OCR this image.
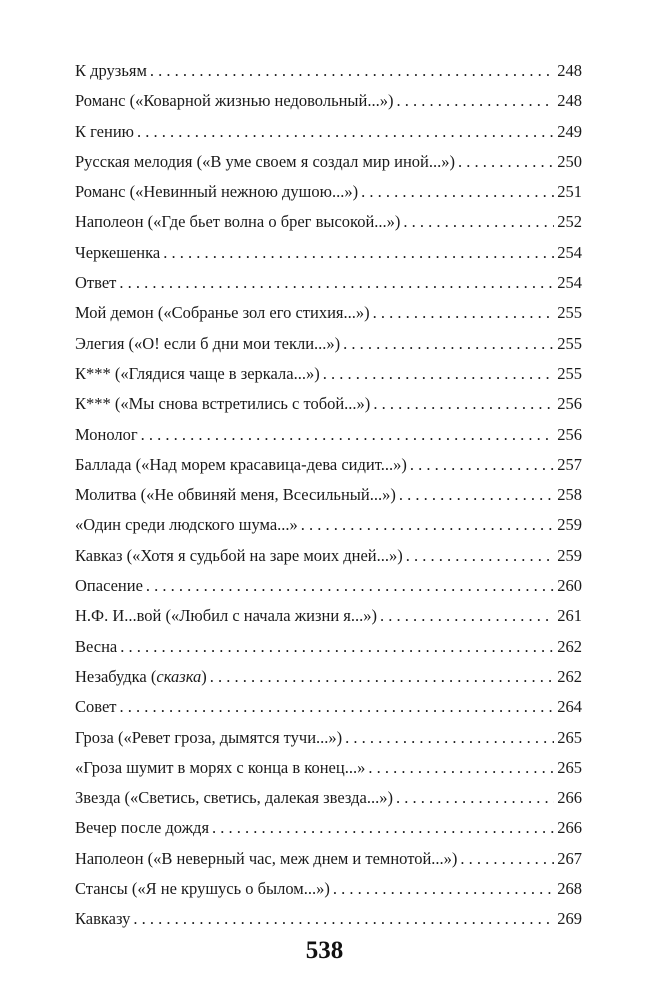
К друзьям . . .	248
Романс («Коварной жизнью недовольный...») . . .	248
К гению . . .	249
Русская мелодия («В уме своем я создал мир иной...») . . .	250
Романс («Невинный нежною душою...») . . .	251
Наполеон («Где бьет волна о брег высокой...») . . .	252
Черкешенка . . .	254
Ответ . . .	254
Мой демон («Собранье зол его стихия...») . . .	255
Элегия («О! если б дни мои текли...») . . .	255
К*** («Глядися чаще в зеркала...») . . .	255
К*** («Мы снова встретились с тобой...») . . .	256
Монолог . . .	256
Баллада («Над морем красавица-дева сидит...») . . .	257
Молитва («Не обвиняй меня, Всесильный...») . . .	258
«Один среди людского шума...» . . .	259
Кавказ («Хотя я судьбой на заре моих дней...») . . .	259
Опасение . . .	260
Н.Ф. И...вой («Любил с начала жизни я...») . . .	261
Весна . . .	262
Незабудка (сказка) . . .	262
Совет . . .	264
Гроза («Ревет гроза, дымятся тучи...») . . .	265
«Гроза шумит в морях с конца в конец...» . . .	265
Звезда («Светись, светись, далекая звезда...») . . .	266
Вечер после дождя . . .	266
Наполеон («В неверный час, меж днем и темнотой...») . . .	267
Стансы («Я не крушусь о былом...») . . .	268
Кавказу . . .	269
538
